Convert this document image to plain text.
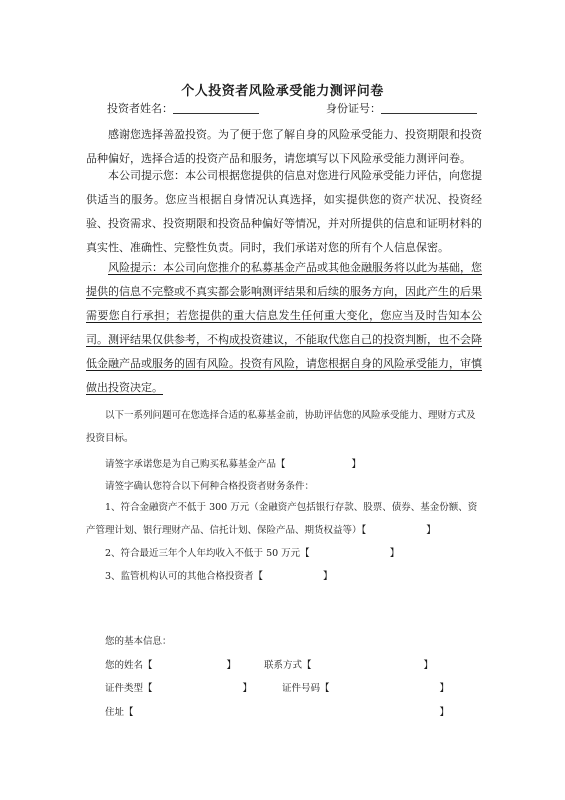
个人投资者风险承受能力测评问卷
投资者姓名：	身份证号：
感谢您选择善盈投资。为了便于您了解自身的风险承受能力、投资期限和投资品种偏好，选择合适的投资产品和服务，请您填写以下风险承受能力测评问卷。
本公司提示您：本公司根据您提供的信息对您进行风险承受能力评估，向您提供适当的服务。您应当根据自身情况认真选择，如实提供您的资产状况、投资经验、投资需求、投资期限和投资品种偏好等情况，并对所提供的信息和证明材料的真实性、准确性、完整性负责。同时，我们承诺对您的所有个人信息保密。
风险提示：本公司向您推介的私募基金产品或其他金融服务将以此为基础，您提供的信息不完整或不真实都会影响测评结果和后续的服务方向，因此产生的后果需要您自行承担；若您提供的重大信息发生任何重大变化，您应当及时告知本公司。测评结果仅供参考，不构成投资建议，不能取代您自己的投资判断，也不会降低金融产品或服务的固有风险。投资有风险，请您根据自身的风险承受能力，审慎做出投资决定。
以下一系列问题可在您选择合适的私募基金前，协助评估您的风险承受能力、理财方式及投资目标。
请签字承诺您是为自己购买私募基金产品【	】
请签字确认您符合以下何种合格投资者财务条件：
1、符合金融资产不低于 300 万元（金融资产包括银行存款、股票、债券、基金份额、资产管理计划、银行理财产品、信托计划、保险产品、期货权益等）【	】
2、符合最近三年个人年均收入不低于 50 万元【	】
3、监管机构认可的其他合格投资者【	】
您的基本信息：
您的姓名【	】	联系方式【	】
证件类型【	】	证件号码【	】
住址【	】
